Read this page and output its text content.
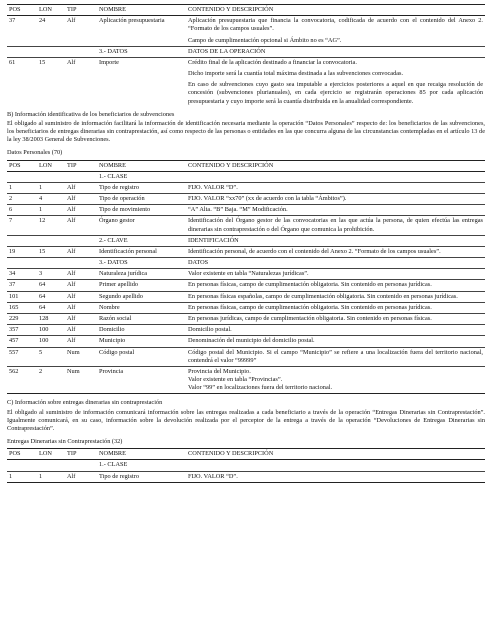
POS	LON	TIP	NOMBRE	CONTENIDO Y DESCRIPCIÓN
37	24	Alf	Aplicación presupuestaria	Aplicación presupuestaria que financia la convocatoria, codificada de acuerdo con el contenido del Anexo 2. “Formato de los campos usuales”.

Campo de cumplimentación opcional si Ámbito no es “AG”.

			3.- DATOS	DATOS DE LA OPERACIÓN
61	15	Alf	Importe	Crédito final de la aplicación destinado a financiar la convocatoria.

Dicho importe será la cuantía total máxima destinada a las subvenciones convocadas.

En caso de subvenciones cuyo gasto sea imputable a ejercicios posteriores a aquel en que recaiga resolución de concesión (subvenciones plurianuales), en cada ejercicio se registrarán operaciones 85 por cada aplicación presupuestaria y cuyo importe será la cuantía distribuida en la anualidad correspondiente.

B) Información identificativa de los beneficiarios de subvenciones

El obligado al suministro de información facilitará la información de identificación necesaria mediante la operación “Datos Personales” respecto de: los beneficiarios de las subvenciones, los beneficiarios de entregas dinerarias sin contraprestación, así como respecto de las personas o entidades en las que concurra alguna de las circunstancias contempladas en el artículo 13 de la ley 38/2003 General de Subvenciones.

Datos Personales (70)

POS	LON	TIP	NOMBRE	CONTENIDO Y DESCRIPCIÓN
			1.- CLASE	
1	1	Alf	Tipo de registro	FIJO. VALOR “D”.
2	4	Alf	Tipo de operación	FIJO. VALOR “xx70” (xx de acuerdo con la tabla “Ámbitos”).
6	1	Alf	Tipo de movimiento	“A” Alta. “B” Baja. “M” Modificación.
7	12	Alf	Órgano gestor	Identificación del Órgano gestor de las convocatorias en las que actúa la persona, de quien efectúa las entregas dinerarias sin contraprestación o del Órgano que comunica la prohibición.
			2.- CLAVE	IDENTIFICACIÓN
19	15	Alf	Identificación personal	Identificación personal, de acuerdo con el contenido del Anexo 2. “Formato de los campos usuales”.
			3.- DATOS	DATOS
34	3	Alf	Naturaleza jurídica	Valor existente en tabla “Naturalezas jurídicas”.

37	64	Alf	Primer apellido	En personas físicas, campo de cumplimentación obligatoria. Sin contenido en personas jurídicas.

101	64	Alf	Segundo apellido	En personas físicas españolas, campo de cumplimentación obligatoria. Sin contenido en personas jurídicas.

165	64	Alf	Nombre	En personas físicas, campo de cumplimentación obligatoria. Sin contenido en personas jurídicas.

229	128	Alf	Razón social	En personas jurídicas, campo de cumplimentación obligatoria. Sin contenido en personas físicas.

357	100	Alf	Domicilio	Domicilio postal.

457	100	Alf	Municipio	Denominación del municipio del domicilio postal.

557	5	Num	Código postal	Código postal del Municipio. Si el campo “Municipio” se refiere a una localización fuera del territorio nacional, contendrá el valor “99999”

562	2	Num	Provincia	Provincia del Municipio.
Valor existente en tabla “Provincias”.
Valor “99” en localizaciones fuera del territorio nacional.

C) Información sobre entregas dinerarias sin contraprestación

El obligado al suministro de información comunicará información sobre las entregas realizadas a cada beneficiario a través de la operación “Entregas Dinerarias sin Contraprestación”. Igualmente comunicará, en su caso, información sobre la devolución realizada por el perceptor de la entrega a través de la operación “Devoluciones de Entregas Dinerarias sin Contraprestación”.

Entregas Dinerarias sin Contraprestación (32)

POS	LON	TIP	NOMBRE	CONTENIDO Y DESCRIPCIÓN
			1.- CLASE	
1	1	Alf	Tipo de registro	FIJO. VALOR “D”.
